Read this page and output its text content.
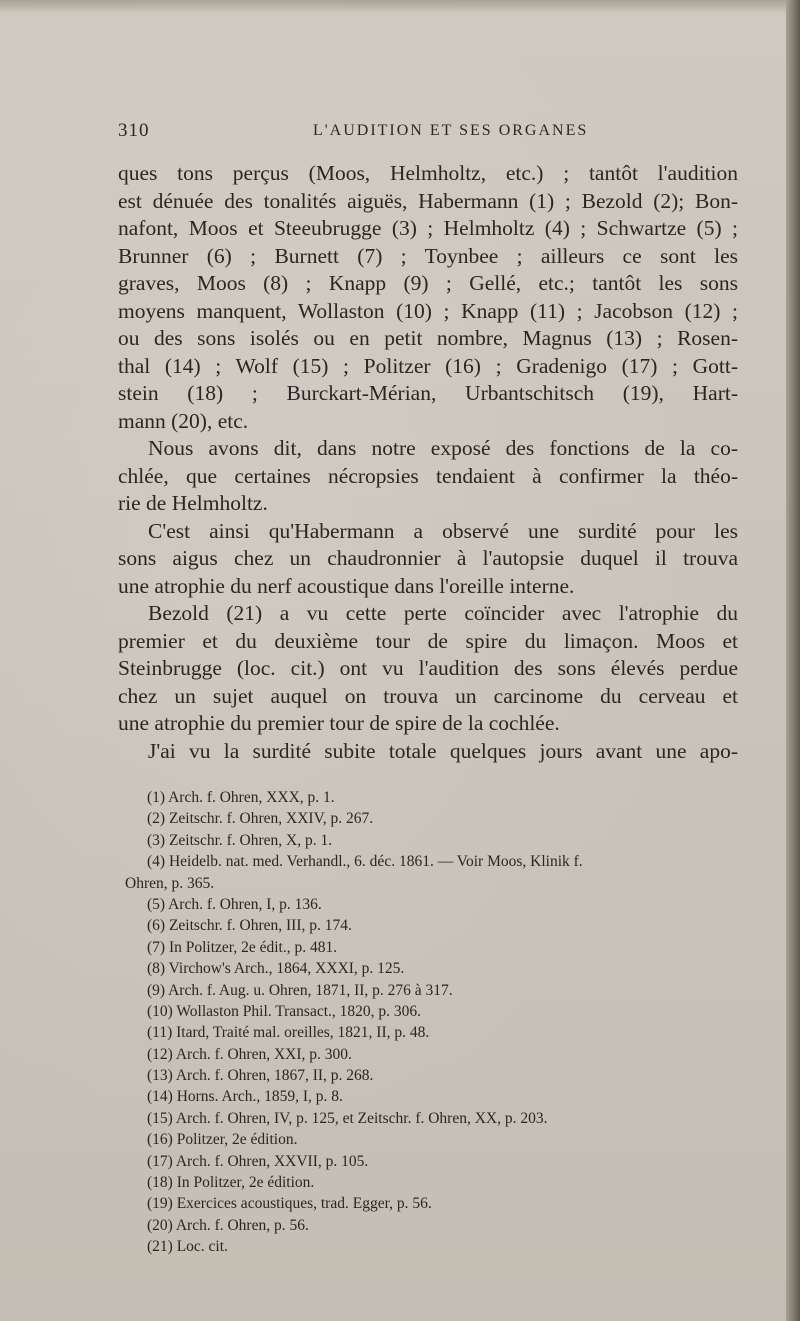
310	L'AUDITION ET SES ORGANES
ques tons perçus (Moos, Helmholtz, etc.) ; tantôt l'audition
est dénuée des tonalités aiguës, Habermann (1) ; Bezold (2); Bon-
nafont, Moos et Steeubrugge (3) ; Helmholtz (4) ; Schwartze (5) ;
Brunner (6) ; Burnett (7) ; Toynbee ; ailleurs ce sont les
graves, Moos (8) ; Knapp (9) ; Gellé, etc.; tantôt les sons
moyens manquent, Wollaston (10) ; Knapp (11) ; Jacobson (12) ;
ou des sons isolés ou en petit nombre, Magnus (13) ; Rosen-
thal (14) ; Wolf (15) ; Politzer (16) ; Gradenigo (17) ; Gott-
stein (18) ; Burckart-Mérian, Urbantschitsch (19), Hart-
mann (20), etc.
Nous avons dit, dans notre exposé des fonctions de la co-
chlée, que certaines nécropsies tendaient à confirmer la théo-
rie de Helmholtz.
C'est ainsi qu'Habermann a observé une surdité pour les
sons aigus chez un chaudronnier à l'autopsie duquel il trouva
une atrophie du nerf acoustique dans l'oreille interne.
Bezold (21) a vu cette perte coïncider avec l'atrophie du
premier et du deuxième tour de spire du limaçon. Moos et
Steinbrugge (loc. cit.) ont vu l'audition des sons élevés perdue
chez un sujet auquel on trouva un carcinome du cerveau et
une atrophie du premier tour de spire de la cochlée.
J'ai vu la surdité subite totale quelques jours avant une apo-
(1) Arch. f. Ohren, XXX, p. 1.
(2) Zeitschr. f. Ohren, XXIV, p. 267.
(3) Zeitschr. f. Ohren, X, p. 1.
(4) Heidelb. nat. med. Verhandl., 6. déc. 1861. — Voir Moos, Klinik f.
Ohren, p. 365.
(5) Arch. f. Ohren, I, p. 136.
(6) Zeitschr. f. Ohren, III, p. 174.
(7) In Politzer, 2e édit., p. 481.
(8) Virchow's Arch., 1864, XXXI, p. 125.
(9) Arch. f. Aug. u. Ohren, 1871, II, p. 276 à 317.
(10) Wollaston Phil. Transact., 1820, p. 306.
(11) Itard, Traité mal. oreilles, 1821, II, p. 48.
(12) Arch. f. Ohren, XXI, p. 300.
(13) Arch. f. Ohren, 1867, II, p. 268.
(14) Horns. Arch., 1859, I, p. 8.
(15) Arch. f. Ohren, IV, p. 125, et Zeitschr. f. Ohren, XX, p. 203.
(16) Politzer, 2e édition.
(17) Arch. f. Ohren, XXVII, p. 105.
(18) In Politzer, 2e édition.
(19) Exercices acoustiques, trad. Egger, p. 56.
(20) Arch. f. Ohren, p. 56.
(21) Loc. cit.
